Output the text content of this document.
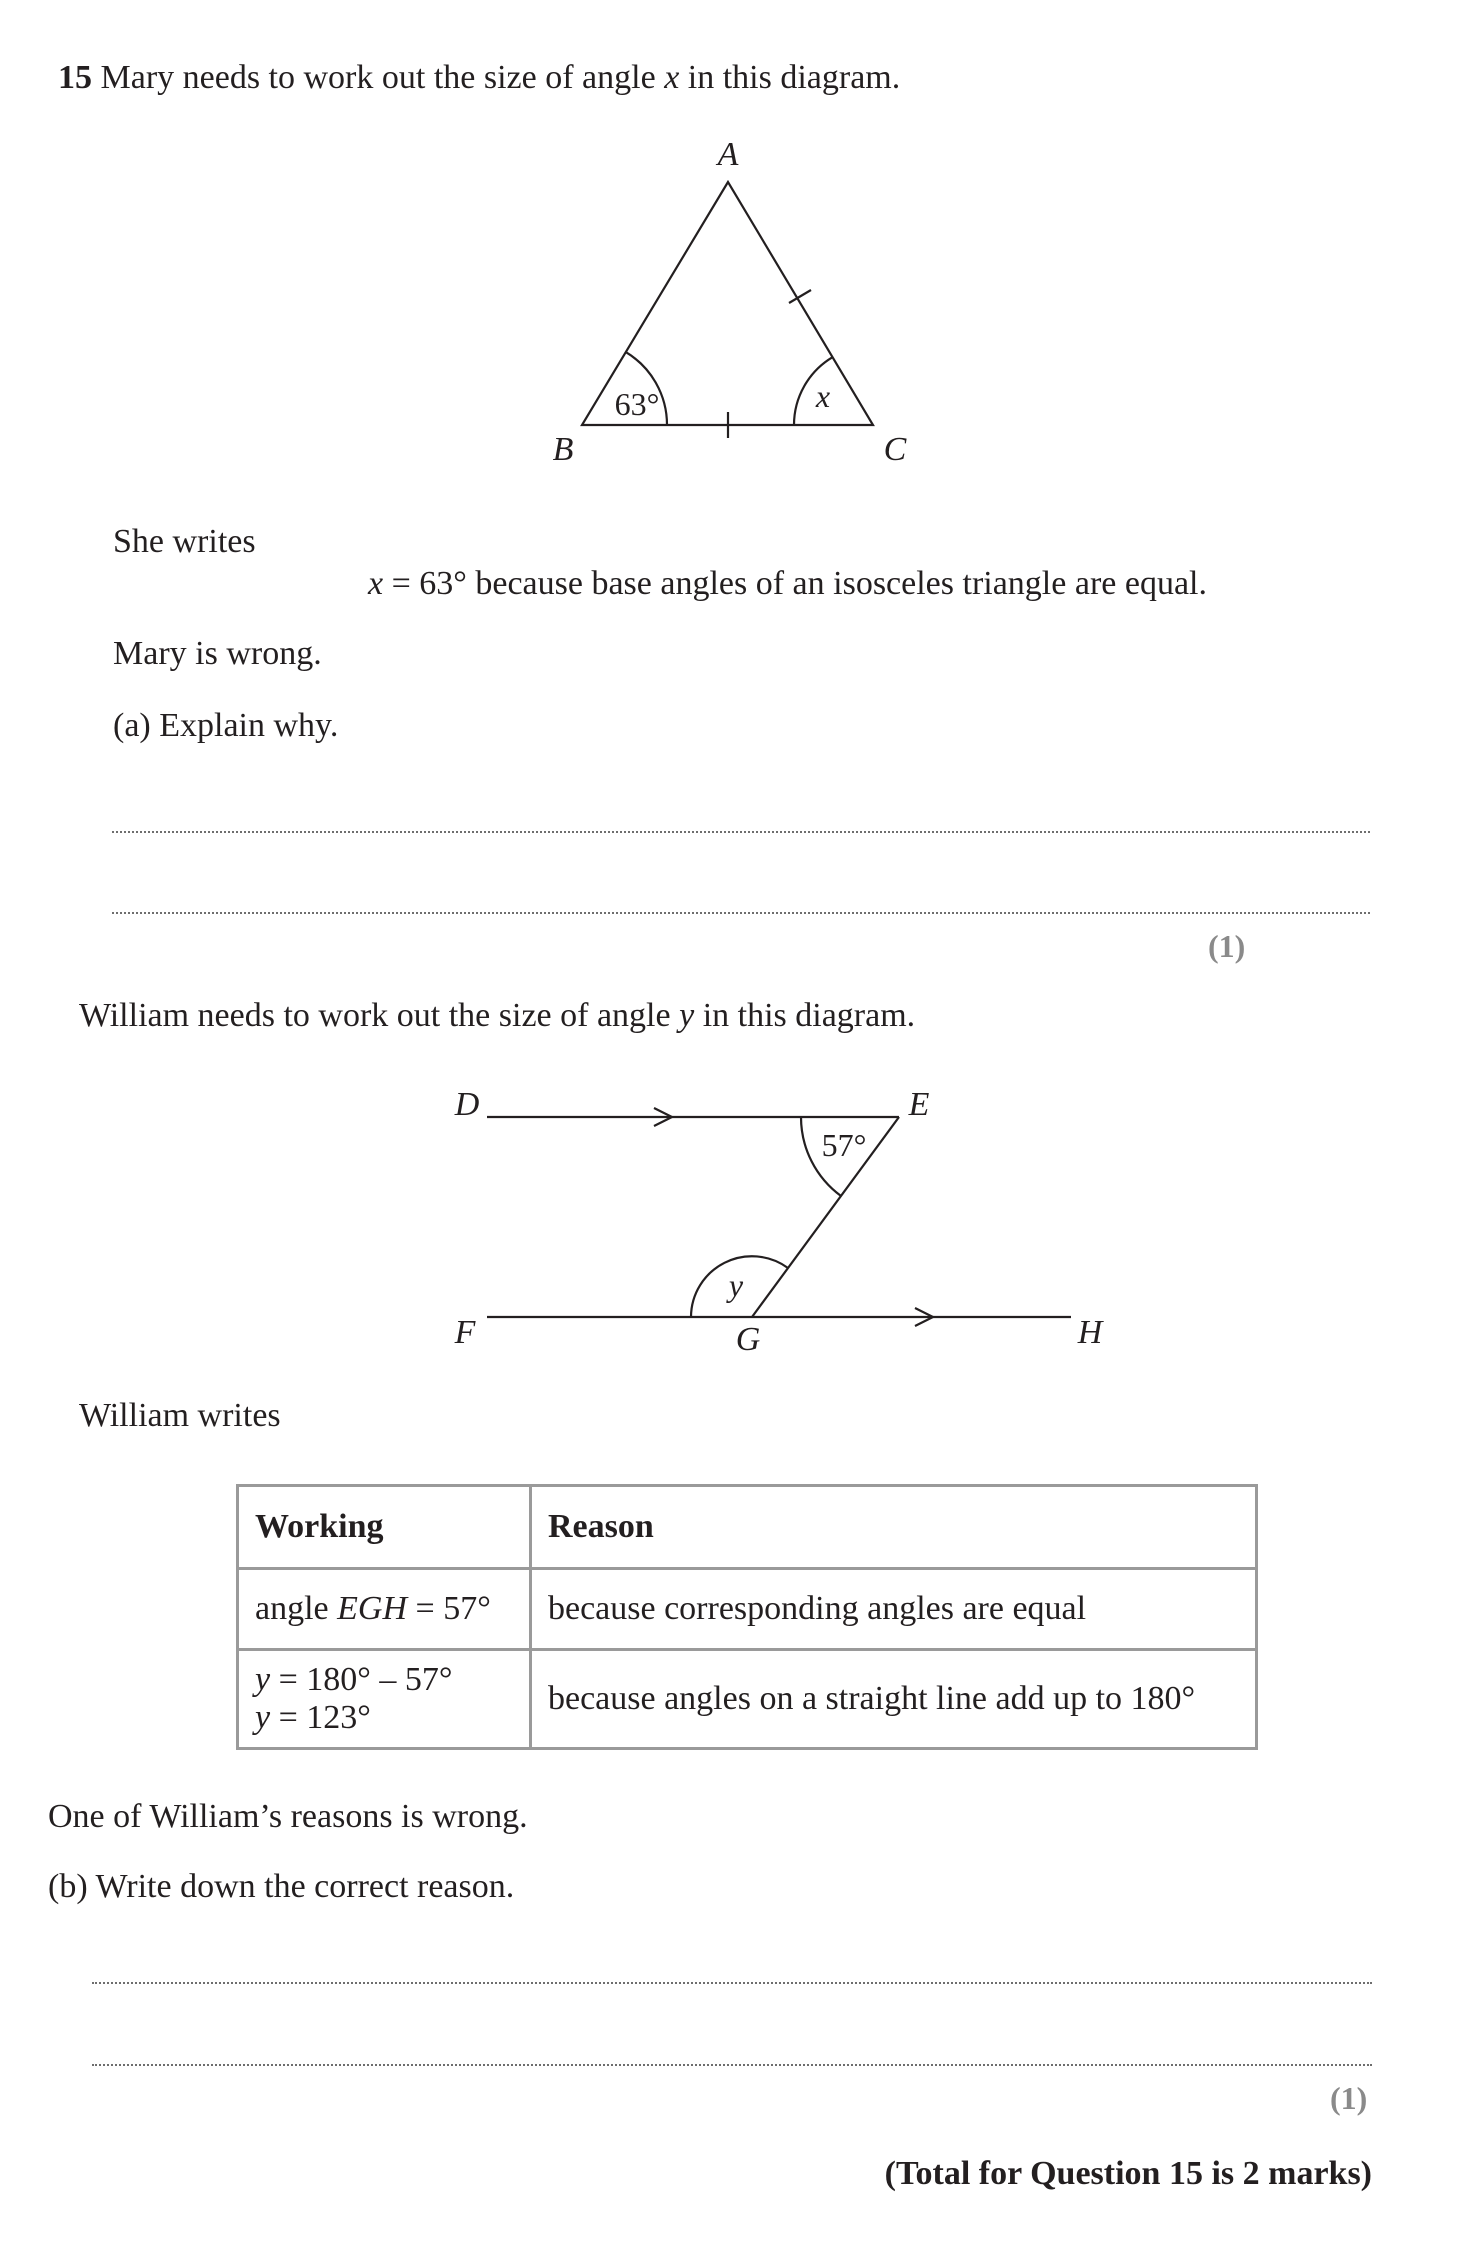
15 Mary needs to work out the size of angle x in this diagram.
A
B	C
63°	x
She writes
x = 63° because base angles of an isosceles triangle are equal.
Mary is wrong.
(a) Explain why.
(1)
William needs to work out the size of angle y in this diagram.
D	E
F	G	H
57°
y
William writes
Working	Reason
angle EGH = 57°	because corresponding angles are equal

y = 180° – 57°
y = 123°	because angles on a straight line add up to 180°
One of William’s reasons is wrong.
(b) Write down the correct reason.
(1)
(Total for Question 15 is 2 marks)
